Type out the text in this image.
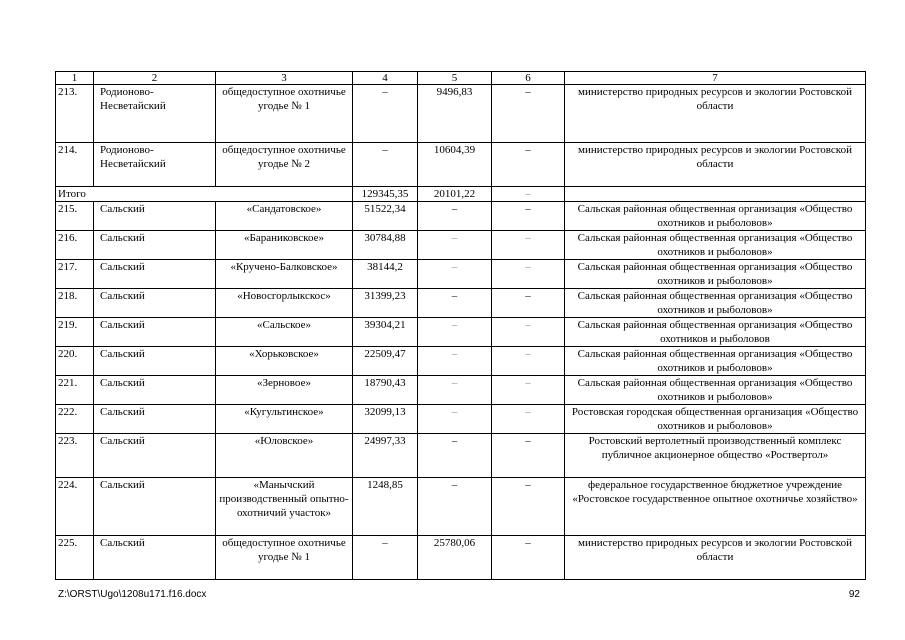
1	2	3	4	5	6	7
213.	Родионово-Несветайский	общедоступное охотничье угодье № 1	–	9496,83	–	министерство природных ресурсов и экологии Ростовской области
214.	Родионово-Несветайский	общедоступное охотничье угодье № 2	–	10604,39	–	министерство природных ресурсов и экологии Ростовской области
Итого			129345,35	20101,22	–	
215.	Сальский	«Сандатовское»	51522,34	–	–	Сальская районная общественная организация «Общество охотников и рыболовов»
216.	Сальский	«Бараниковское»	30784,88	–	–	Сальская районная общественная организация «Общество охотников и рыболовов»
217.	Сальский	«Кручено-Балковское»	38144,2	–	–	Сальская районная общественная организация «Общество охотников и рыболовов»
218.	Сальский	«Новосгорлыкскос»	31399,23	–	–	Сальская районная общественная организация «Общество охотников и рыболовов»
219.	Сальский	«Сальское»	39304,21	–	–	Сальская районная общественная организация «Общество охотников и рыболовов
220.	Сальский	«Хорьковское»	22509,47	–	–	Сальская районная общественная организация «Общество охотников и рыболовов»
221.	Сальский	«Зерновое»	18790,43	–	–	Сальская районная общественная организация «Общество охотников и рыболовов»
222.	Сальский	«Кугультинское»	32099,13	–	–	Ростовская городская общественная организация «Общество охотников и рыболовов»
223.	Сальский	«Юловское»	24997,33	–	–	Ростовский вертолетный производственный комплекс публичное акционерное общество «Роствертол»
224.	Сальский	«Манычский производственный опытно-охотничий участок»	1248,85	–	–	федеральное государственное бюджетное учреждение «Ростовское государственное опытное охотничье хозяйство»
225.	Сальский	общедоступное охотничье угодье № 1	–	25780,06	–	министерство природных ресурсов и экологии Ростовской области
Z:\ORST\Ugo\1208u171.f16.docx	92
